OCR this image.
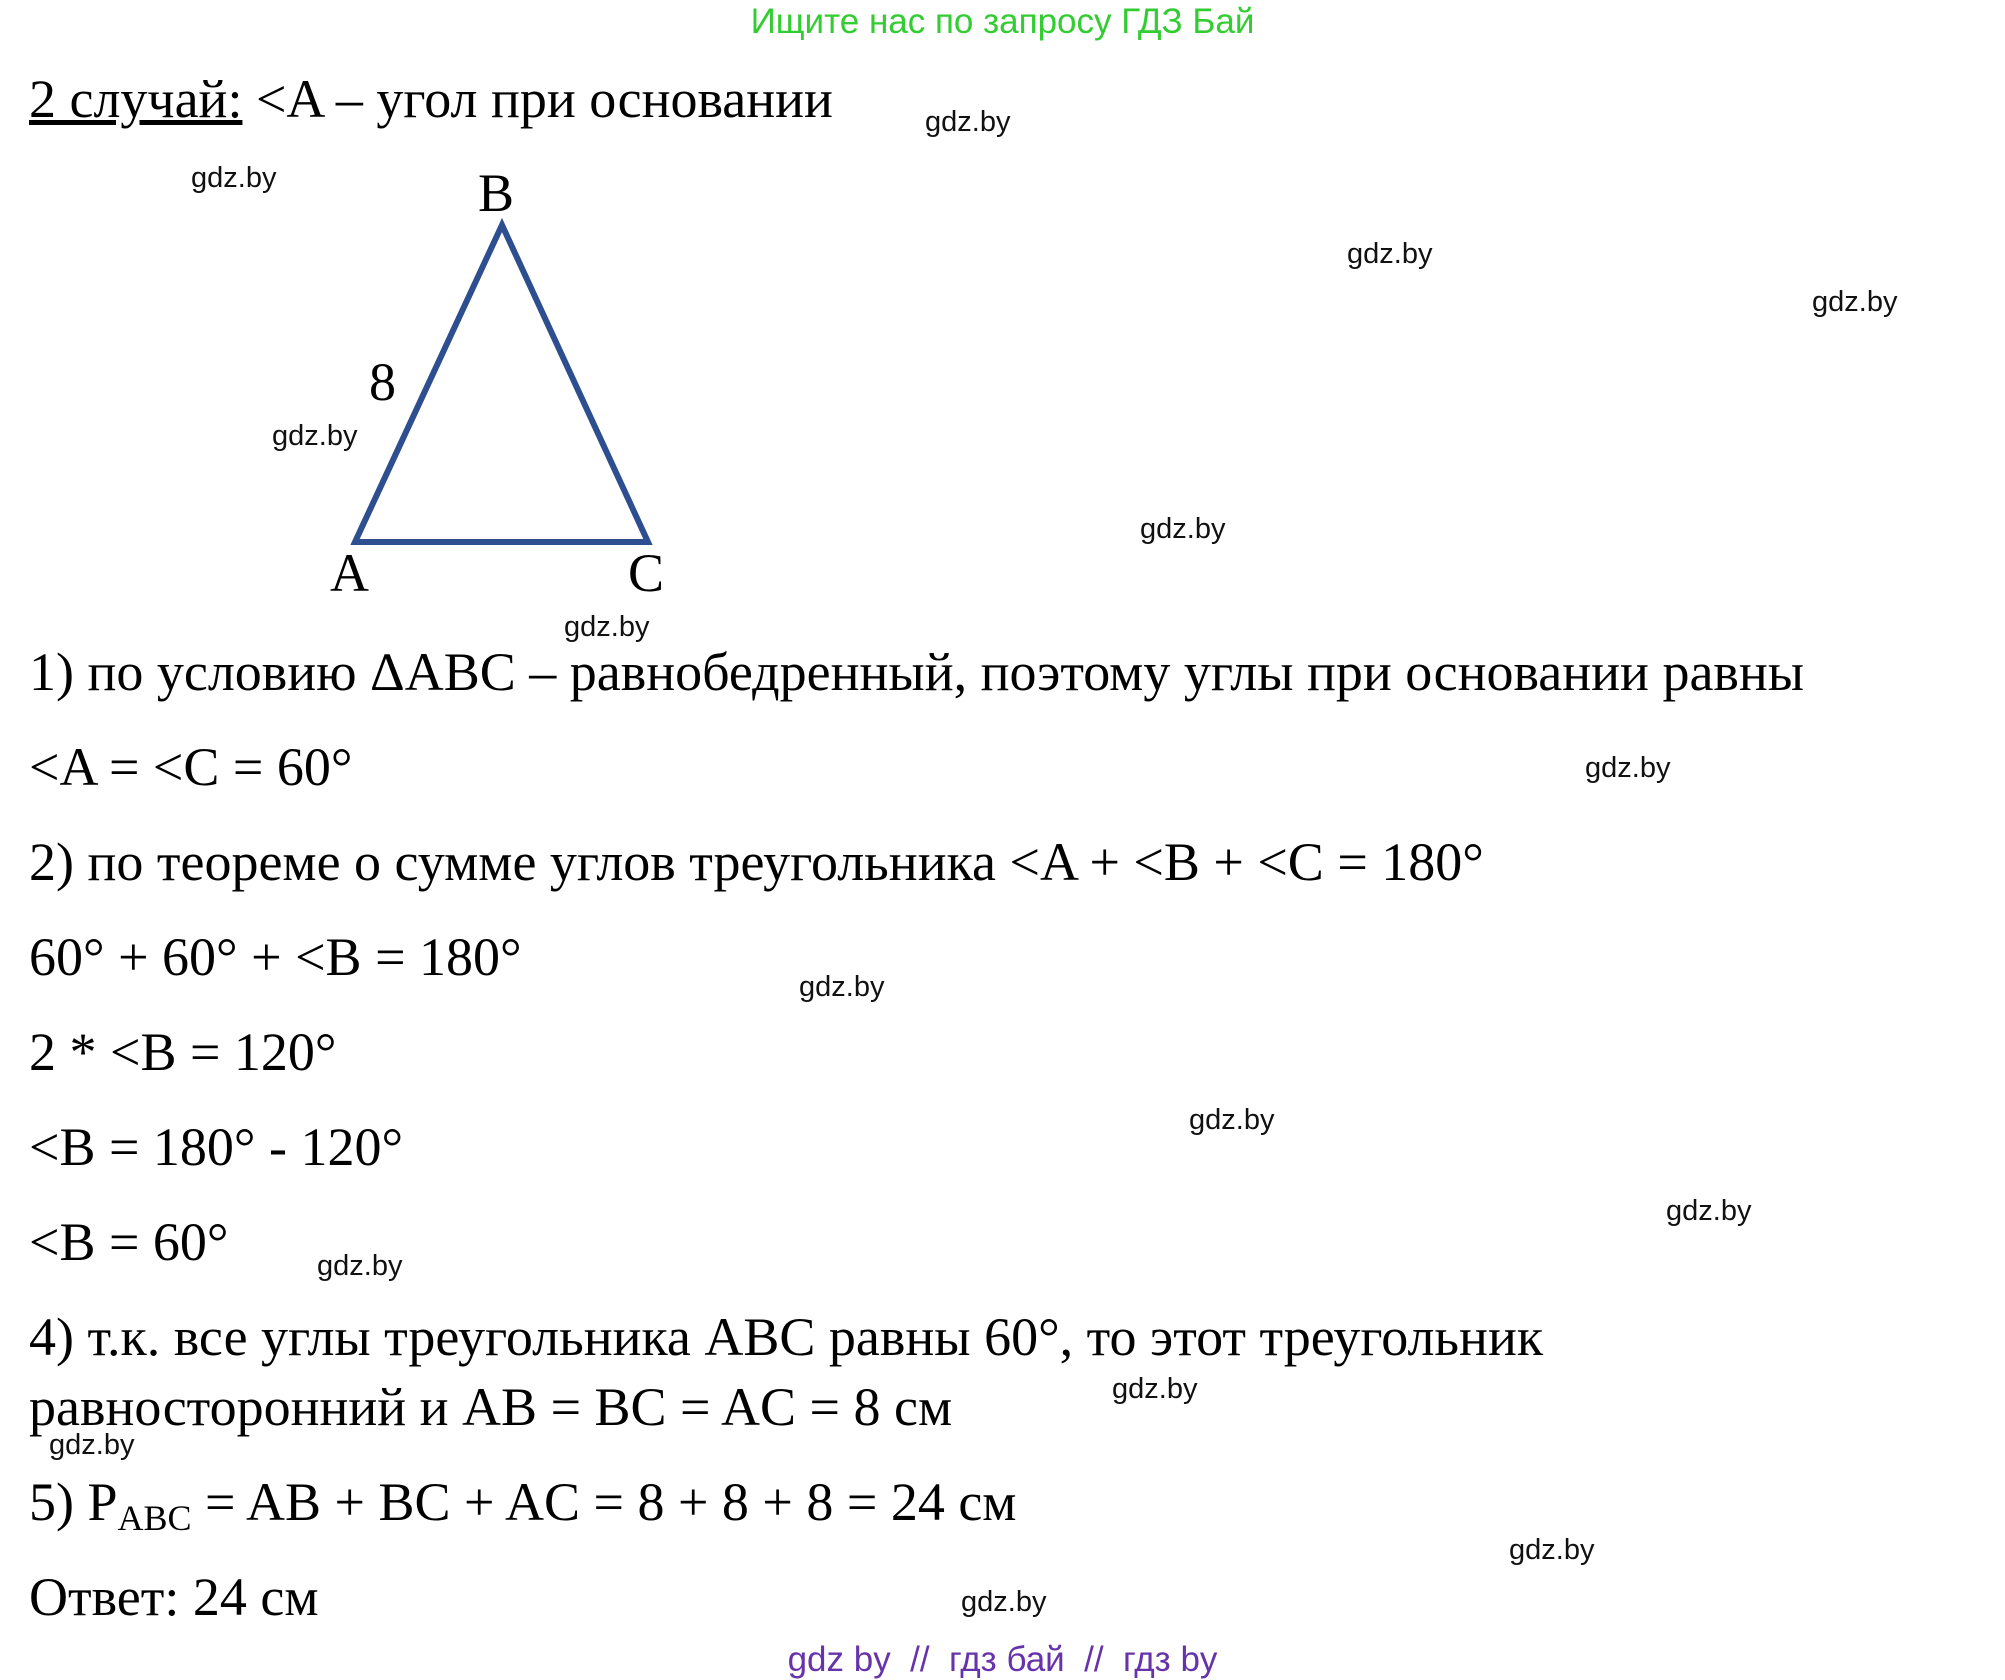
Ищите нас по запросу ГДЗ Бай
2 случай: <A – угол при основании
B
A	C
8
1) по условию ΔABC – равнобедренный, поэтому углы при основании равны
<A = <C = 60°
2) по теореме о сумме углов треугольника <A + <B + <C = 180°
60° + 60° + <B = 180°
2 * <B = 120°
<B = 180° - 120°
<B = 60°
4) т.к. все углы треугольника ABC равны 60°, то этот треугольник
равносторонний и AB = BC = AC = 8 см
5) $P_{ABC}$ = AB + BC + AC = 8 + 8 + 8 = 24 см
Ответ: 24 см
gdz.by
gdz.by
gdz.by
gdz.by
gdz.by
gdz.by
gdz.by
gdz.by
gdz.by
gdz.by
gdz.by
gdz.by
gdz.by
gdz.by
gdz.by
gdz.by
gdz by  //  гдз бай  //  гдз by
